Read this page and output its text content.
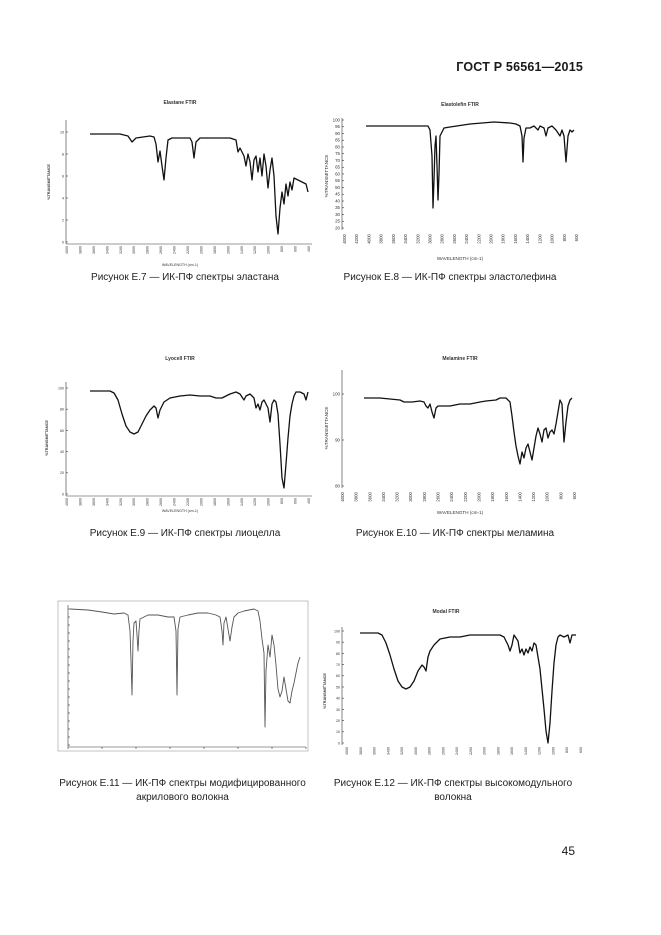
ГОСТ Р 56561—2015
Elastane FTIR
10
8
6
4
2
0
4000	3800	3600	3400	3200	3000	2800	2600	2400	2200	2000	1800	1600	1400	1200	1000	800	600	400
%TRANSMITTANCE
WAVELENGTH (cm-1)
Рисунок Е.7 — ИК-ПФ спектры эластана
Elastolefin FTIR
100
95
90
85
80
75
70
65
60
55
50
45
40
35
30
25
20
4000 4200 4000 3800 3600 3400 3200 3000 2800 2600 2400 2200 2000 1800 1600 1400 1200 1000 800 600
%TRANSMITTANCE
WAVELENGTH (cm-1)
Рисунок Е.8 — ИК-ПФ спектры эластолефина
Lyocell FTIR
100
80
60
40
20
0
4000	3800	3600	3400	3200	3000	2800	2600	2400	2200	2000	1800	1600	1400	1200	1000	800	600	400
%TRANSMITTANCE
WAVELENGTH (cm-1)
Рисунок Е.9 — ИК-ПФ спектры лиоцелла
Melamine FTIR
100
90
80
4000 3800 3600 3400 3200 3000 2800 2600 2400 2200 2000 1800 1600 1400 1200 1000 800 600
%TRANSMITTANCE
WAVELENGTH (cm-1)
Рисунок Е.10 — ИК-ПФ спектры меламина
Рисунок Е.11 — ИК-ПФ спектры модифицированного акрилового волокна
Modal FTIR
100
90
80
70
60
50
40
30
20
10
0
4000	3800	3600	3400	3200	3000	2800	2600	2400	2200	2000	1800	1600	1400	1200	1000	800	600
%TRANSMITTANCE
Рисунок Е.12 — ИК-ПФ спектры высокомодульного волокна
45
